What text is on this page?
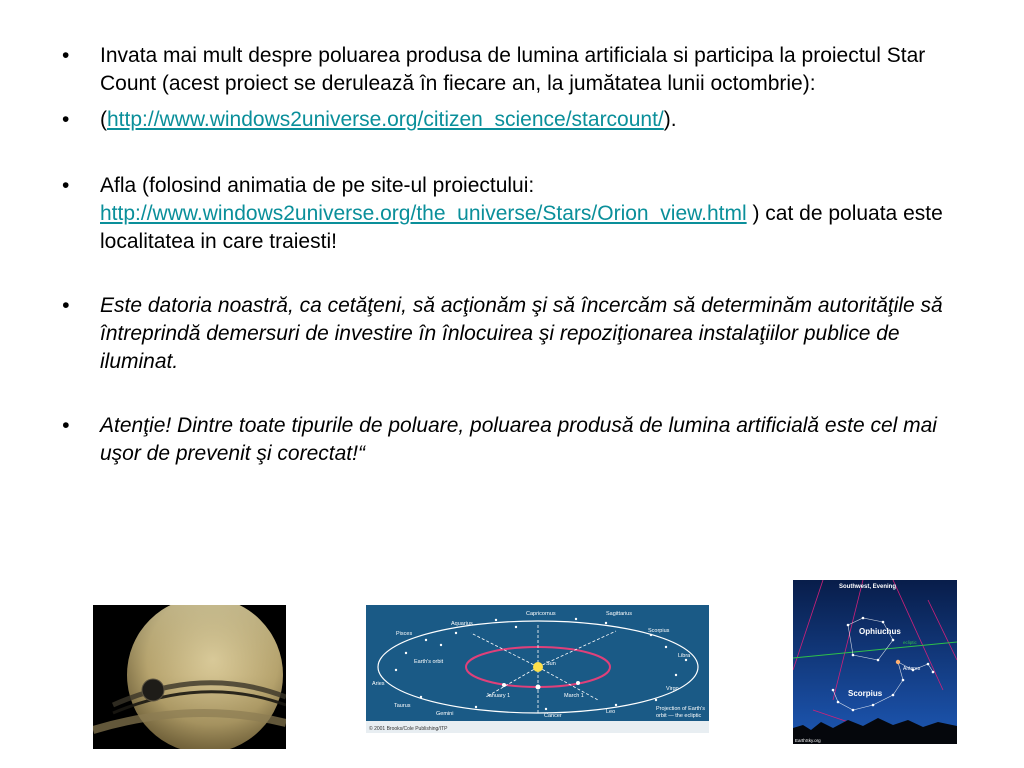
• Invata mai mult despre poluarea produsa de lumina artificiala si participa la proiectul Star Count (acest proiect se derulează în fiecare an, la jumătatea lunii octombrie):
• (http://www.windows2universe.org/citizen_science/starcount/).
• Afla (folosind animatia de pe site-ul proiectului: http://www.windows2universe.org/the_universe/Stars/Orion_view.html ) cat de poluata este localitatea in care traiesti!
• Este datoria noastră, ca cetăţeni, să acţionăm şi să încercăm să determinăm autorităţile să întreprindă demersuri de investire în înlocuirea şi repoziţionarea instalaţiilor publice de iluminat.
• Atenţie! Dintre toate tipurile de poluare, poluarea produsă de lumina artificială este cel mai uşor de prevenit şi corectat!“
Capricornus	Sagittarius
Aquarius
Pisces	Scorpius
Libra
Earth's orbit	Sun
Aries
Virgo
January 1	March 1
Taurus
Gemini	Cancer
Leo	Projection of Earth's
orbit — the ecliptic
© 2001 Brooks/Cole Publishing/ITP
Southwest, Evening
Ophiuchus
ecliptic
Antares
Scorpius
EarthSky.org
